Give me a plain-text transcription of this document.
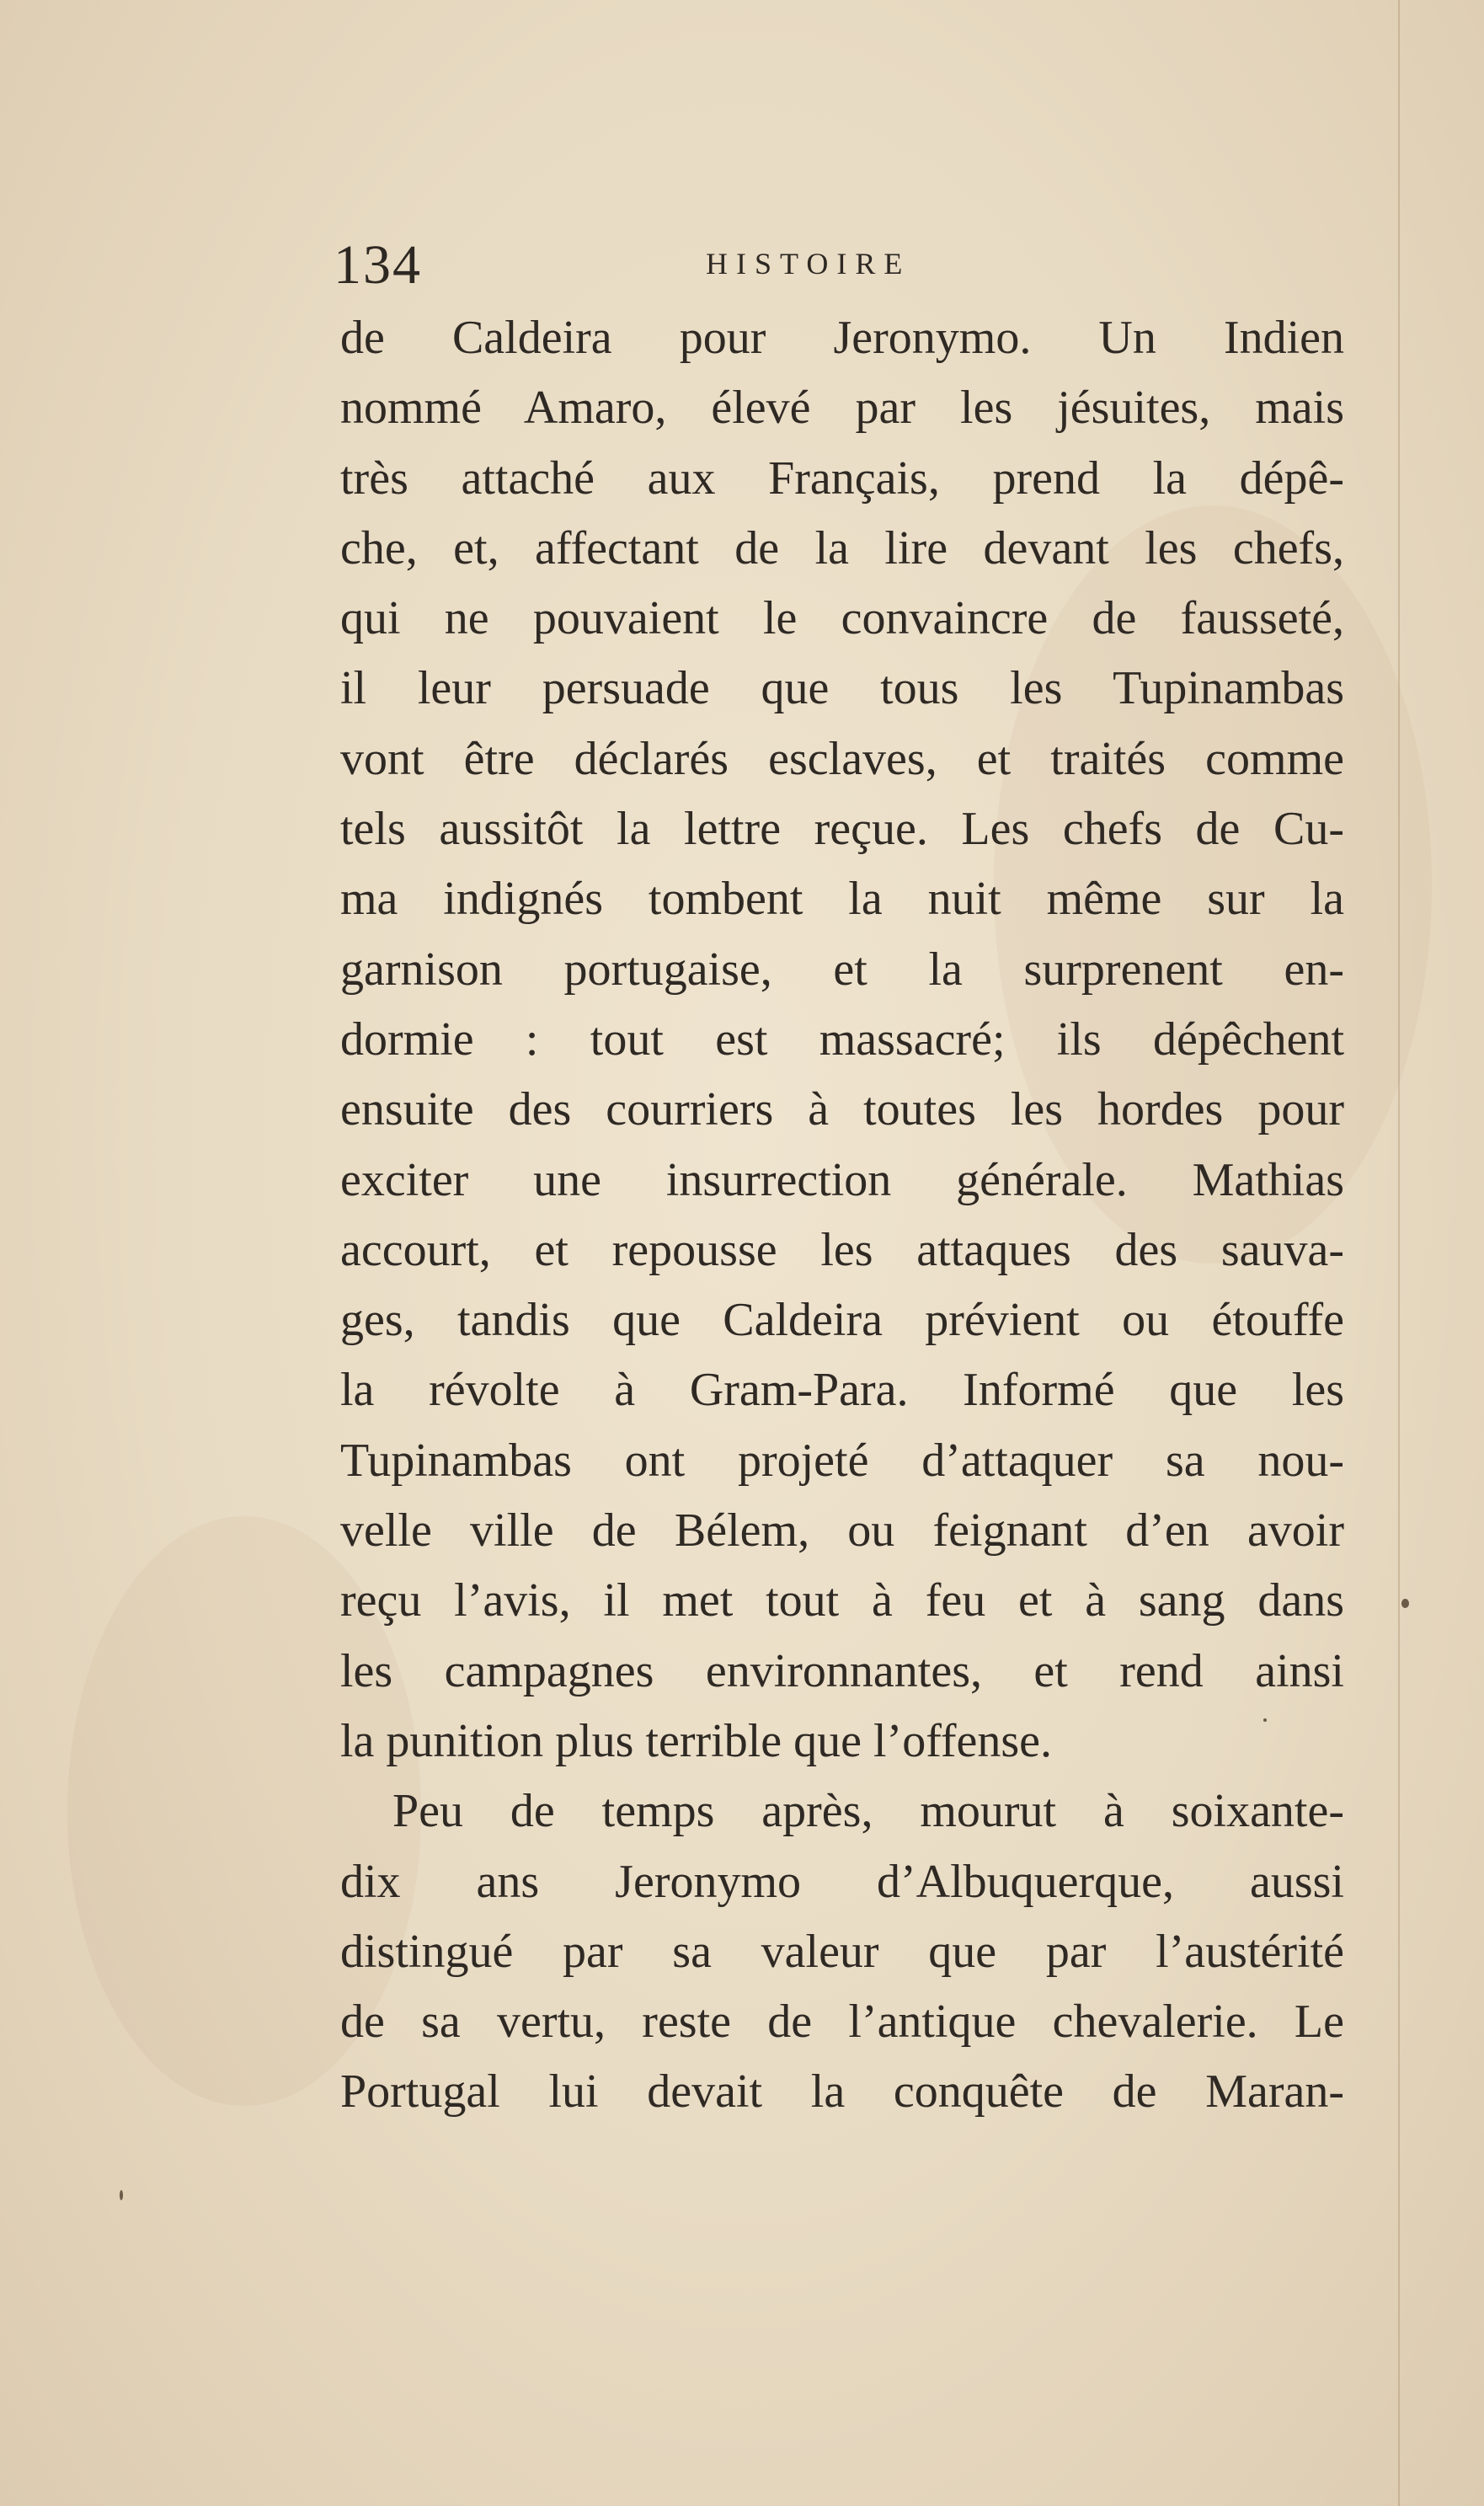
134	HISTOIRE
de Caldeira pour Jeronymo. Un Indien
nommé Amaro, élevé par les jésuites, mais
très attaché aux Français, prend la dépê-
che, et, affectant de la lire devant les chefs,
qui ne pouvaient le convaincre de fausseté,
il leur persuade que tous les Tupinambas
vont être déclarés esclaves, et traités comme
tels aussitôt la lettre reçue. Les chefs de Cu-
ma indignés tombent la nuit même sur la
garnison portugaise, et la surprenent en-
dormie : tout est massacré; ils dépêchent
ensuite des courriers à toutes les hordes pour
exciter une insurrection générale. Mathias
accourt, et repousse les attaques des sauva-
ges, tandis que Caldeira prévient ou étouffe
la révolte à Gram-Para. Informé que les
Tupinambas ont projeté d’attaquer sa nou-
velle ville de Bélem, ou feignant d’en avoir
reçu l’avis, il met tout à feu et à sang dans
les campagnes environnantes, et rend ainsi
la punition plus terrible que l’offense.
Peu de temps après, mourut à soixante-
dix ans Jeronymo d’Albuquerque, aussi
distingué par sa valeur que par l’austérité
de sa vertu, reste de l’antique chevalerie. Le
Portugal lui devait la conquête de Maran-
